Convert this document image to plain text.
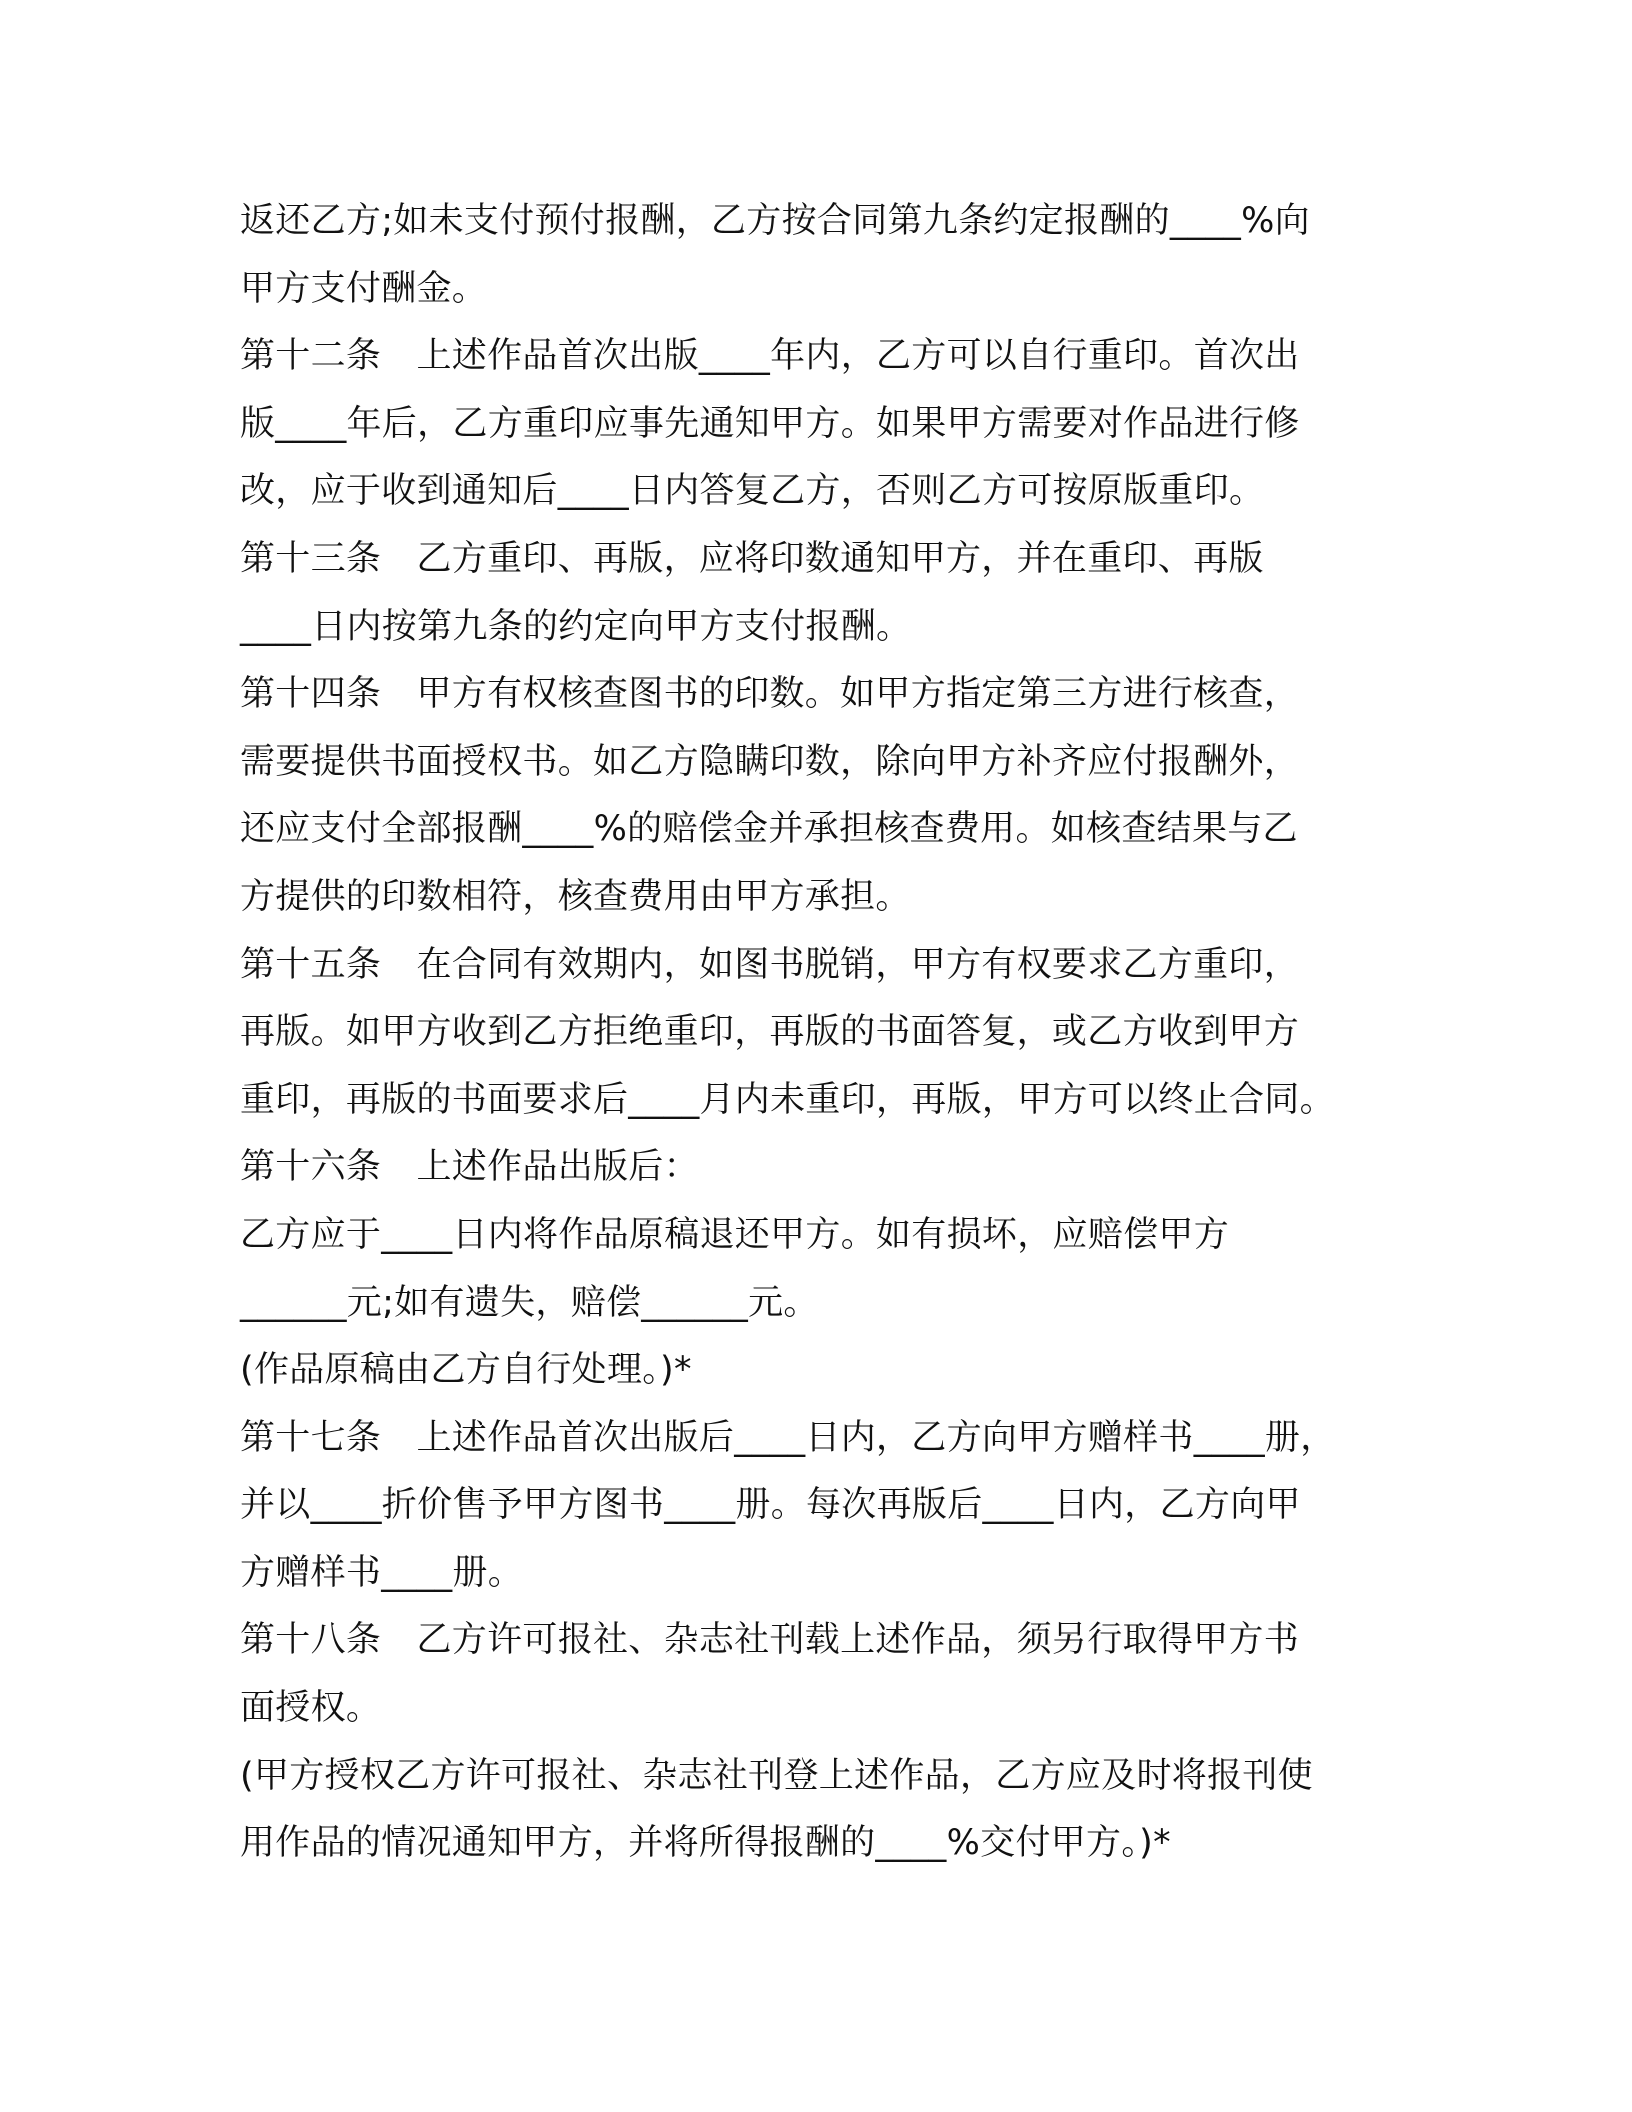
返还乙方;如未支付预付报酬，乙方按合同第九条约定报酬的____%向
甲方支付酬金。
第十二条　上述作品首次出版____年内，乙方可以自行重印。首次出
版____年后，乙方重印应事先通知甲方。如果甲方需要对作品进行修
改，应于收到通知后____日内答复乙方，否则乙方可按原版重印。
第十三条　乙方重印、再版，应将印数通知甲方，并在重印、再版
____日内按第九条的约定向甲方支付报酬。
第十四条　甲方有权核查图书的印数。如甲方指定第三方进行核查，
需要提供书面授权书。如乙方隐瞒印数，除向甲方补齐应付报酬外，
还应支付全部报酬____%的赔偿金并承担核查费用。如核查结果与乙
方提供的印数相符，核查费用由甲方承担。
第十五条　在合同有效期内，如图书脱销，甲方有权要求乙方重印，
再版。如甲方收到乙方拒绝重印，再版的书面答复，或乙方收到甲方
重印，再版的书面要求后____月内未重印，再版，甲方可以终止合同。
第十六条　上述作品出版后：
乙方应于____日内将作品原稿退还甲方。如有损坏，应赔偿甲方
______元;如有遗失，赔偿______元。
(作品原稿由乙方自行处理。)*
第十七条　上述作品首次出版后____日内，乙方向甲方赠样书____册，
并以____折价售予甲方图书____册。每次再版后____日内，乙方向甲
方赠样书____册。
第十八条　乙方许可报社、杂志社刊载上述作品，须另行取得甲方书
面授权。
(甲方授权乙方许可报社、杂志社刊登上述作品，乙方应及时将报刊使
用作品的情况通知甲方，并将所得报酬的____%交付甲方。)*
